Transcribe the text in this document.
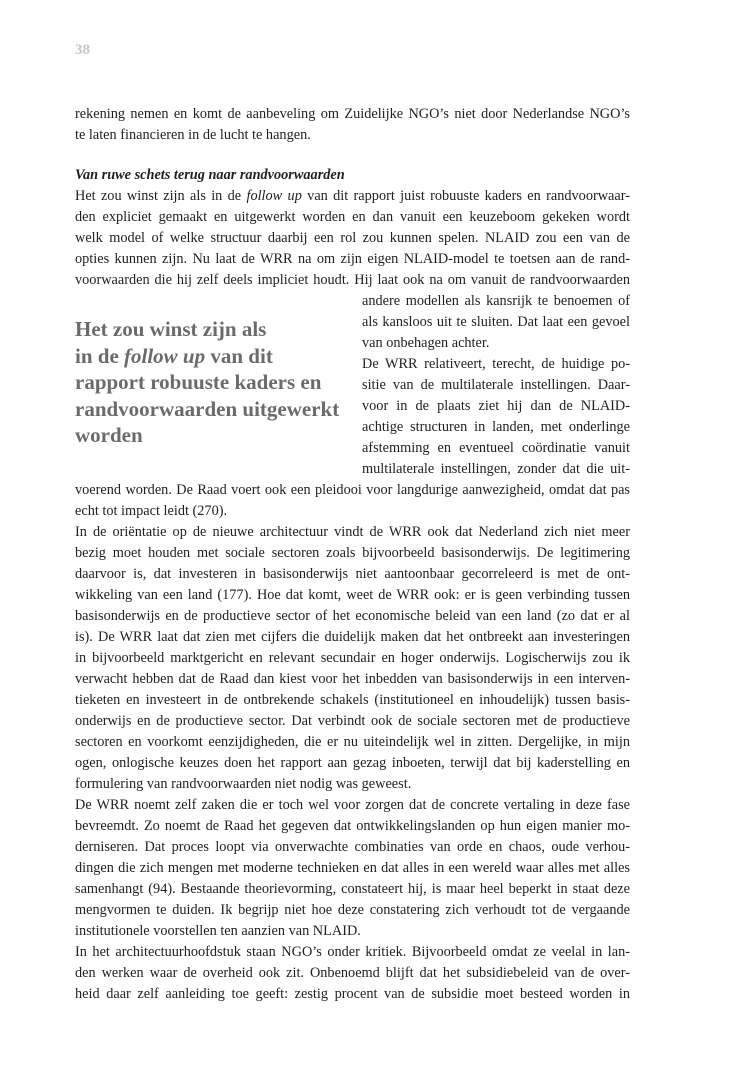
38
rekening nemen en komt de aanbeveling om Zuidelijke NGO’s niet door Nederlandse NGO’s
te laten financieren in de lucht te hangen.
Van ruwe schets terug naar randvoorwaarden
Het zou winst zijn als in de follow up van dit rapport juist robuuste kaders en randvoorwaar-
den expliciet gemaakt en uitgewerkt worden en dan vanuit een keuzeboom gekeken wordt
welk model of welke structuur daarbij een rol zou kunnen spelen. NLAID zou een van de
opties kunnen zijn. Nu laat de WRR na om zijn eigen NLAID-model te toetsen aan de rand-
voorwaarden die hij zelf deels impliciet houdt. Hij laat ook na om vanuit de randvoorwaarden
Het zou winst zijn als
in de follow up van dit
rapport robuuste kaders en
randvoorwaarden uitgewerkt
worden
andere modellen als kansrijk te benoemen of
als kansloos uit te sluiten. Dat laat een gevoel
van onbehagen achter.
De WRR relativeert, terecht, de huidige po-
sitie van de multilaterale instellingen. Daar-
voor in de plaats ziet hij dan de NLAID-
achtige structuren in landen, met onderlinge
afstemming en eventueel coördinatie vanuit
multilaterale instellingen, zonder dat die uit-
voerend worden. De Raad voert ook een pleidooi voor langdurige aanwezigheid, omdat dat pas
echt tot impact leidt (270).
In de oriëntatie op de nieuwe architectuur vindt de WRR ook dat Nederland zich niet meer
bezig moet houden met sociale sectoren zoals bijvoorbeeld basisonderwijs. De legitimering
daarvoor is, dat investeren in basisonderwijs niet aantoonbaar gecorreleerd is met de ont-
wikkeling van een land (177). Hoe dat komt, weet de WRR ook: er is geen verbinding tussen
basisonderwijs en de productieve sector of het economische beleid van een land (zo dat er al
is). De WRR laat dat zien met cijfers die duidelijk maken dat het ontbreekt aan investeringen
in bijvoorbeeld marktgericht en relevant secundair en hoger onderwijs. Logischerwijs zou ik
verwacht hebben dat de Raad dan kiest voor het inbedden van basisonderwijs in een interven-
tieketen en investeert in de ontbrekende schakels (institutioneel en inhoudelijk) tussen basis-
onderwijs en de productieve sector. Dat verbindt ook de sociale sectoren met de productieve
sectoren en voorkomt eenzijdigheden, die er nu uiteindelijk wel in zitten. Dergelijke, in mijn
ogen, onlogische keuzes doen het rapport aan gezag inboeten, terwijl dat bij kaderstelling en
formulering van randvoorwaarden niet nodig was geweest.
De WRR noemt zelf zaken die er toch wel voor zorgen dat de concrete vertaling in deze fase
bevreemdt. Zo noemt de Raad het gegeven dat ontwikkelingslanden op hun eigen manier mo-
derniseren. Dat proces loopt via onverwachte combinaties van orde en chaos, oude verhou-
dingen die zich mengen met moderne technieken en dat alles in een wereld waar alles met alles
samenhangt (94). Bestaande theorievorming, constateert hij, is maar heel beperkt in staat deze
mengvormen te duiden. Ik begrijp niet hoe deze constatering zich verhoudt tot de vergaande
institutionele voorstellen ten aanzien van NLAID.
In het architectuurhoofdstuk staan NGO’s onder kritiek. Bijvoorbeeld omdat ze veelal in lan-
den werken waar de overheid ook zit. Onbenoemd blijft dat het subsidiebeleid van de over-
heid daar zelf aanleiding toe geeft: zestig procent van de subsidie moet besteed worden in
